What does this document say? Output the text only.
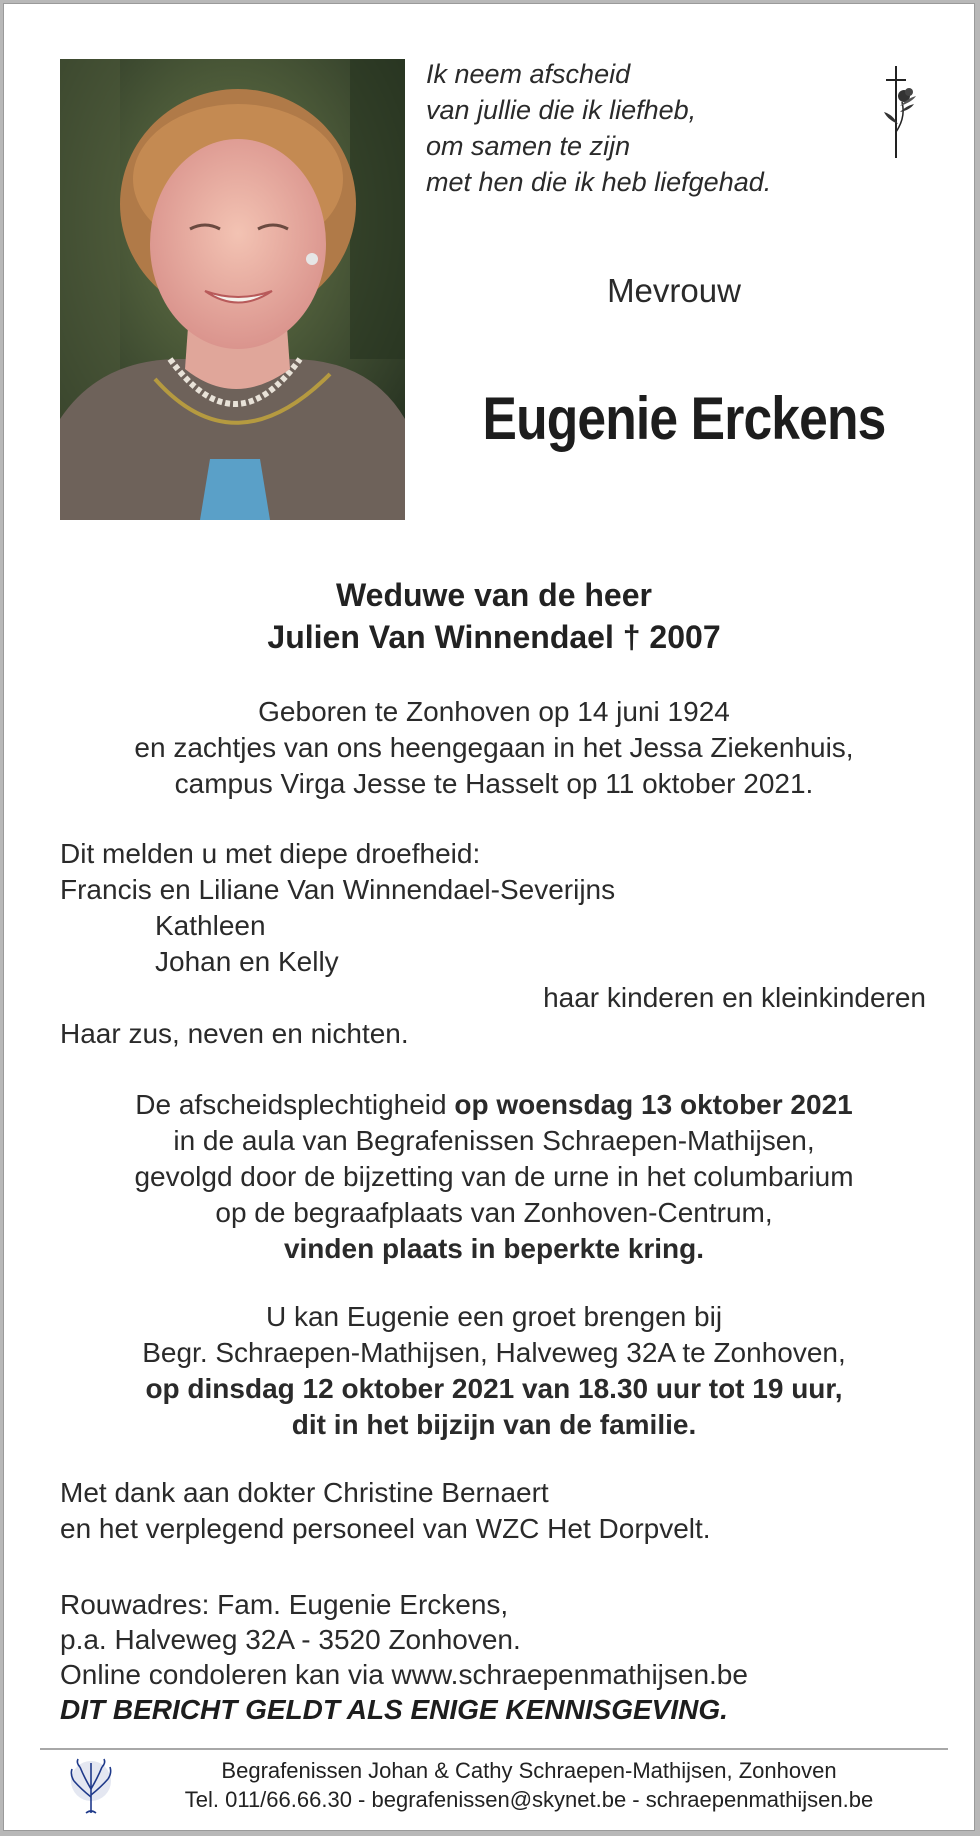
Ik neem afscheid
van jullie die ik liefheb,
om samen te zijn
met hen die ik heb liefgehad.
Mevrouw
Eugenie Erckens
Weduwe van de heer
Julien Van Winnendael † 2007
Geboren te Zonhoven op 14 juni 1924
en zachtjes van ons heengegaan in het Jessa Ziekenhuis,
campus Virga Jesse te Hasselt op 11 oktober 2021.
Dit melden u met diepe droefheid:
Francis en Liliane Van Winnendael-Severijns
Kathleen
Johan en Kelly
haar kinderen en kleinkinderen
Haar zus, neven en nichten.
De afscheidsplechtigheid op woensdag 13 oktober 2021
in de aula van Begrafenissen Schraepen-Mathijsen,
gevolgd door de bijzetting van de urne in het columbarium
op de begraafplaats van Zonhoven-Centrum,
vinden plaats in beperkte kring.
U kan Eugenie een groet brengen bij
Begr. Schraepen-Mathijsen, Halveweg 32A te Zonhoven,
op dinsdag 12 oktober 2021 van 18.30 uur tot 19 uur,
dit in het bijzijn van de familie.
Met dank aan dokter Christine Bernaert
en het verplegend personeel van WZC Het Dorpvelt.
Rouwadres: Fam. Eugenie Erckens,
p.a. Halveweg 32A - 3520 Zonhoven.
Online condoleren kan via www.schraepenmathijsen.be
DIT BERICHT GELDT ALS ENIGE KENNISGEVING.
Begrafenissen Johan & Cathy Schraepen-Mathijsen, Zonhoven
Tel. 011/66.66.30 - begrafenissen@skynet.be - schraepenmathijsen.be
